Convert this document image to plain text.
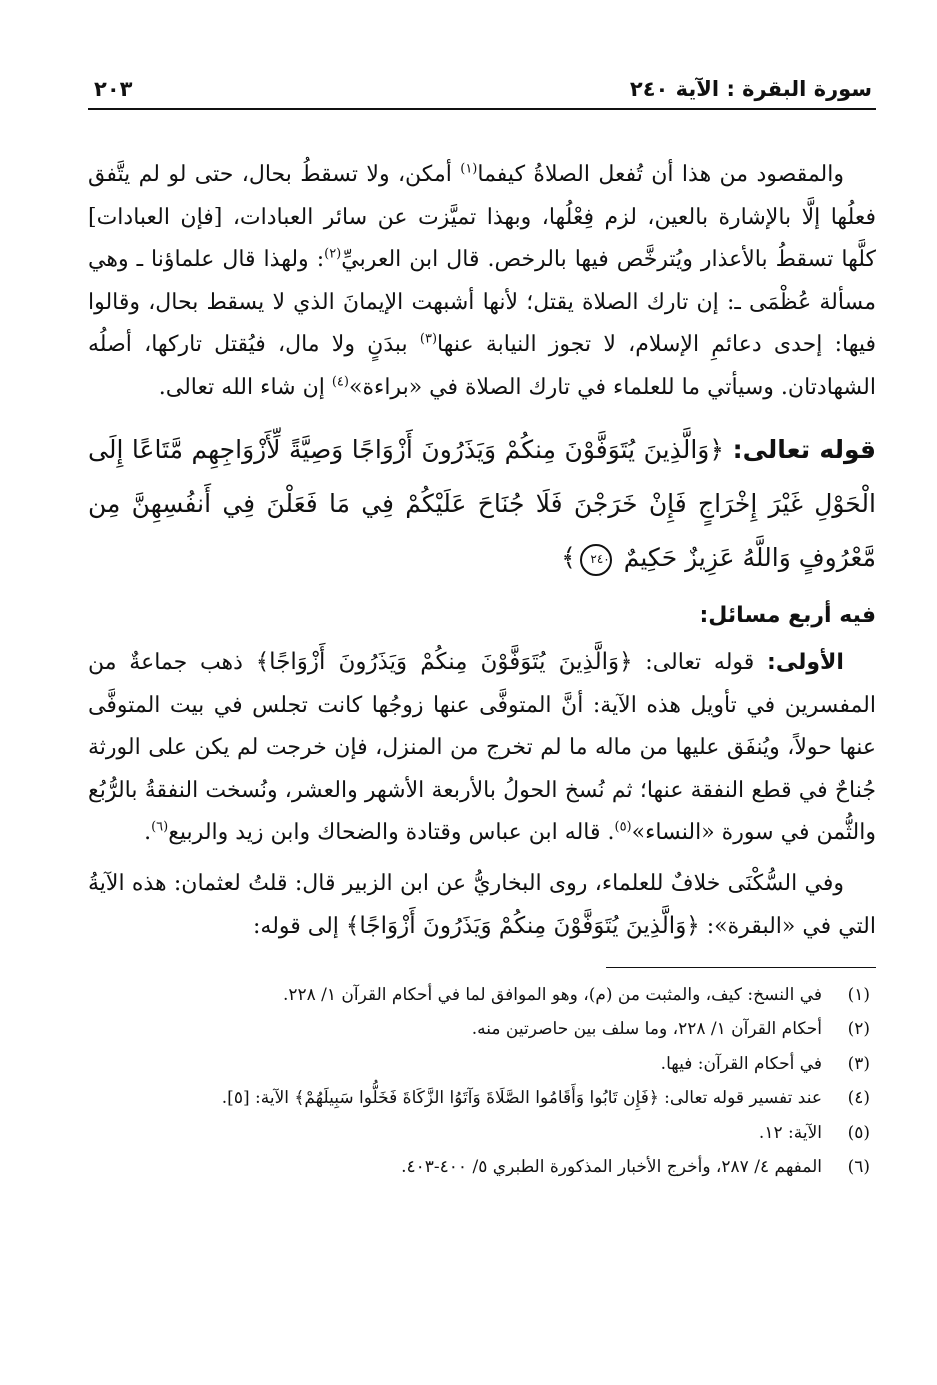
سورة البقرة : الآية ٢٤٠
٢٠٣

والمقصود من هذا أن تُفعل الصلاةُ كيفما$^{(١)}$ أمكن، ولا تسقطُ بحال، حتى لو لم يتَّفق فعلُها إلَّا بالإشارة بالعين، لزم فِعْلُها، وبهذا تميَّزت عن سائر العبادات، [فإن العبادات] كلَّها تسقطُ بالأعذار ويُترخَّص فيها بالرخص. قال ابن العربيِّ$^{(٢)}$: ولهذا قال علماؤنا ـ وهي مسألة عُظْمَى ـ: إن تارك الصلاة يقتل؛ لأنها أشبهت الإيمانَ الذي لا يسقط بحال، وقالوا فيها: إحدى دعائمِ الإسلام، لا تجوز النيابة عنها$^{(٣)}$ ببدَنٍ ولا مال، فيُقتل تاركها، أصلُه الشهادتان. وسيأتي ما للعلماء في تارك الصلاة في «براءة»$^{(٤)}$ إن شاء الله تعالى.

قوله تعالى: ﴿وَالَّذِينَ يُتَوَفَّوْنَ مِنكُمْ وَيَذَرُونَ أَزْوَاجًا وَصِيَّةً لِّأَزْوَاجِهِم مَّتَاعًا إِلَى الْحَوْلِ غَيْرَ إِخْرَاجٍ فَإِنْ خَرَجْنَ فَلَا جُنَاحَ عَلَيْكُمْ فِي مَا فَعَلْنَ فِي أَنفُسِهِنَّ مِن مَّعْرُوفٍ وَاللَّهُ عَزِيزٌ حَكِيمٌ ٢٤٠﴾
فيه أربع مسائل:

الأولى: قوله تعالى: ﴿وَالَّذِينَ يُتَوَفَّوْنَ مِنكُمْ وَيَذَرُونَ أَزْوَاجًا﴾ ذهب جماعةٌ من المفسرين في تأويل هذه الآية: أنَّ المتوفَّى عنها زوجُها كانت تجلس في بيت المتوفَّى عنها حولاً، ويُنفَق عليها من ماله ما لم تخرج من المنزل، فإن خرجت لم يكن على الورثة جُناحٌ في قطع النفقة عنها؛ ثم نُسخ الحولُ بالأربعة الأشهر والعشر، ونُسخت النفقةُ بالرُّبُع والثُّمن في سورة «النساء»$^{(٥)}$. قاله ابن عباس وقتادة والضحاك وابن زيد والربيع$^{(٦)}$.

وفي السُّكْنَى خلافٌ للعلماء، روى البخاريُّ عن ابن الزبير قال: قلتُ لعثمان: هذه الآيةُ التي في «البقرة»: ﴿وَالَّذِينَ يُتَوَفَّوْنَ مِنكُمْ وَيَذَرُونَ أَزْوَاجًا﴾ إلى قوله:

(١)
في النسخ: كيف، والمثبت من (م)، وهو الموافق لما في أحكام القرآن ١/ ٢٢٨.
(٢)
أحكام القرآن ١/ ٢٢٨، وما سلف بين حاصرتين منه.
(٣)
في أحكام القرآن: فيها.
(٤)
عند تفسير قوله تعالى: ﴿فَإِن تَابُوا وَأَقَامُوا الصَّلَاةَ وَآتَوُا الزَّكَاةَ فَخَلُّوا سَبِيلَهُمْ﴾ الآية: [٥].
(٥)
الآية: ١٢.
(٦)
المفهم ٤/ ٢٨٧، وأخرج الأخبار المذكورة الطبري ٥/ ٤٠٠-٤٠٣.
